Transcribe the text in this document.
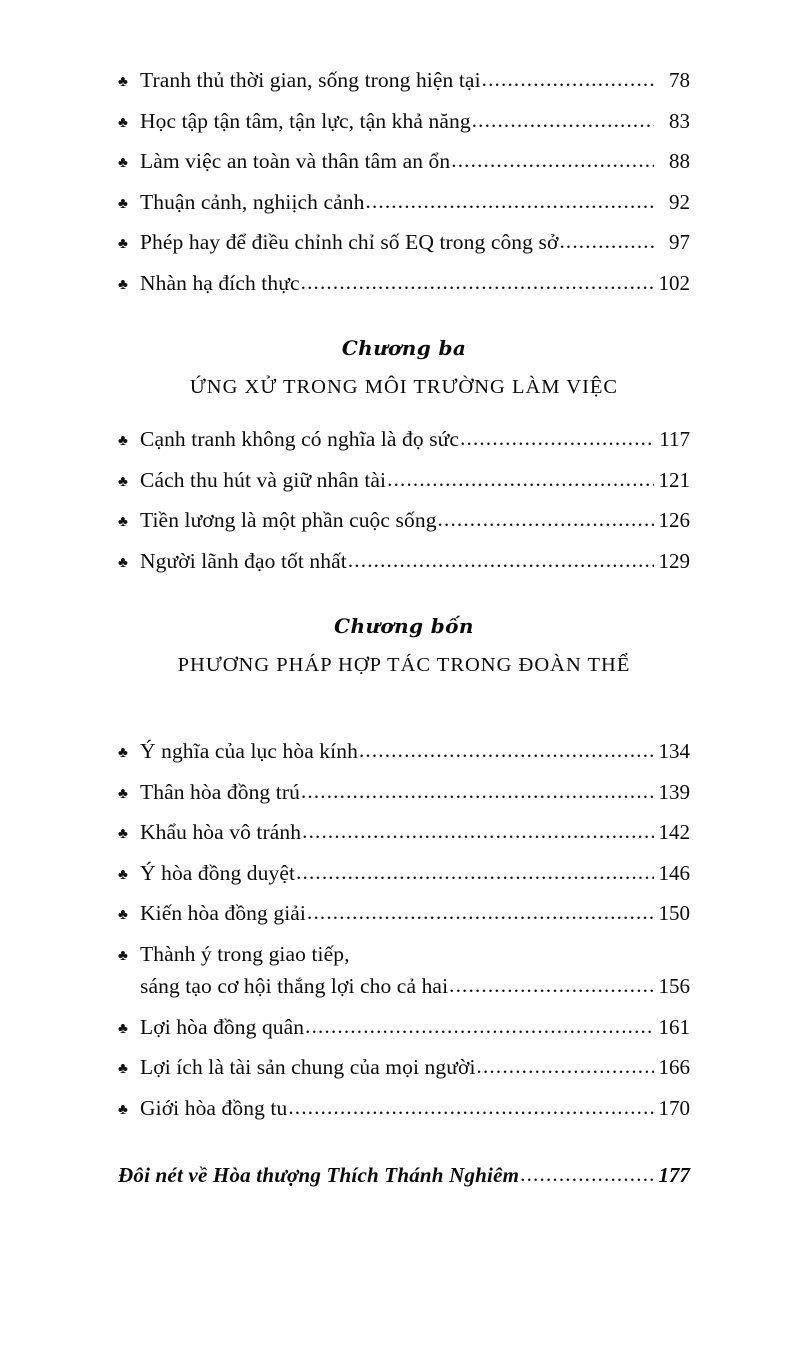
♣ Tranh thủ thời gian, sống trong hiện tại .....	78
♣ Học tập tận tâm, tận lực, tận khả năng .....	83
♣ Làm việc an toàn và thân tâm an ổn .....	88
♣ Thuận cảnh, nghiịch cảnh .....	92
♣ Phép hay để điều chỉnh chỉ số EQ trong công sở .....	97
♣ Nhàn hạ đích thực .....	102
Chương ba
ỨNG XỬ TRONG MÔI TRƯỜNG LÀM VIỆC
♣ Cạnh tranh không có nghĩa là đọ sức .....	117
♣ Cách thu hút và giữ nhân tài .....	121
♣ Tiền lương là một phần cuộc sống .....	126
♣ Người lãnh đạo tốt nhất .....	129
Chương bốn
PHƯƠNG PHÁP HỢP TÁC TRONG ĐOÀN THỂ
♣ Ý nghĩa của lục hòa kính .....	134
♣ Thân hòa đồng trú .....	139
♣ Khẩu hòa vô tránh .....	142
♣ Ý hòa đồng duyệt .....	146
♣ Kiến hòa đồng giải .....	150
♣ Thành ý trong giao tiếp,
sáng tạo cơ hội thắng lợi cho cả hai .....	156
♣ Lợi hòa đồng quân .....	161
♣ Lợi ích là tài sản chung của mọi người .....	166
♣ Giới hòa đồng tu .....	170
Đôi nét về Hòa thượng Thích Thánh Nghiêm .....	177
